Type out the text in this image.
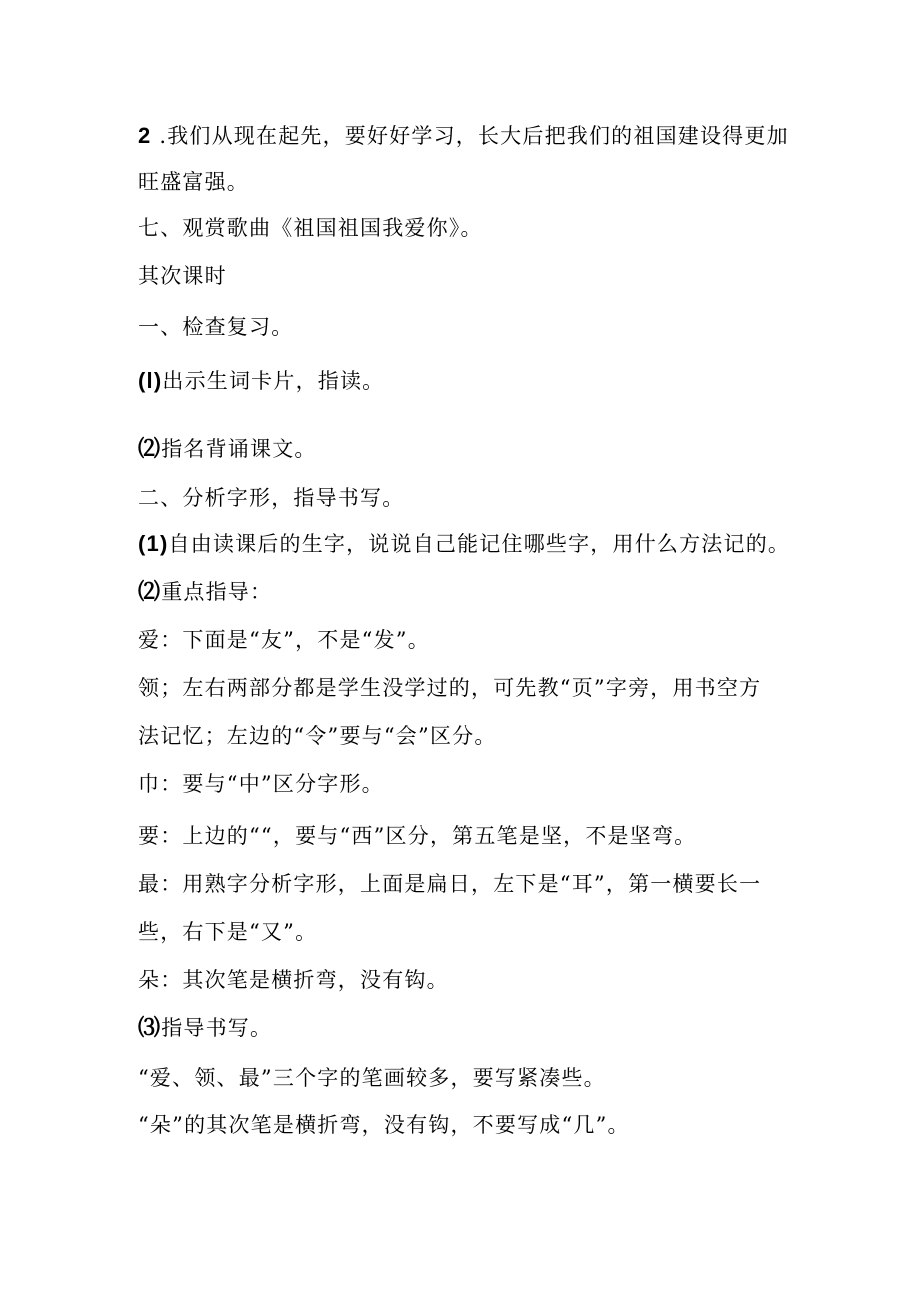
2 .我们从现在起先，要好好学习，长大后把我们的祖国建设得更加
旺盛富强。
七、观赏歌曲《祖国祖国我爱你》。
其次课时
一、检查复习。
(l)出示生词卡片，指读。
⑵指名背诵课文。
二、分析字形，指导书写。
(1)自由读课后的生字，说说自己能记住哪些字，用什么方法记的。
⑵重点指导：
爱：下面是“友”，不是“发”。
领；左右两部分都是学生没学过的，可先教“页”字旁，用书空方
法记忆；左边的“令”要与“会”区分。
巾：要与“中”区分字形。
要：上边的““，要与“西”区分，第五笔是坚，不是坚弯。
最：用熟字分析字形，上面是扁日，左下是“耳”，第一横要长一
些，右下是“又”。
朵：其次笔是横折弯，没有钩。
⑶指导书写。
“爱、领、最”三个字的笔画较多，要写紧凑些。
“朵”的其次笔是横折弯，没有钩，不要写成“几”。
